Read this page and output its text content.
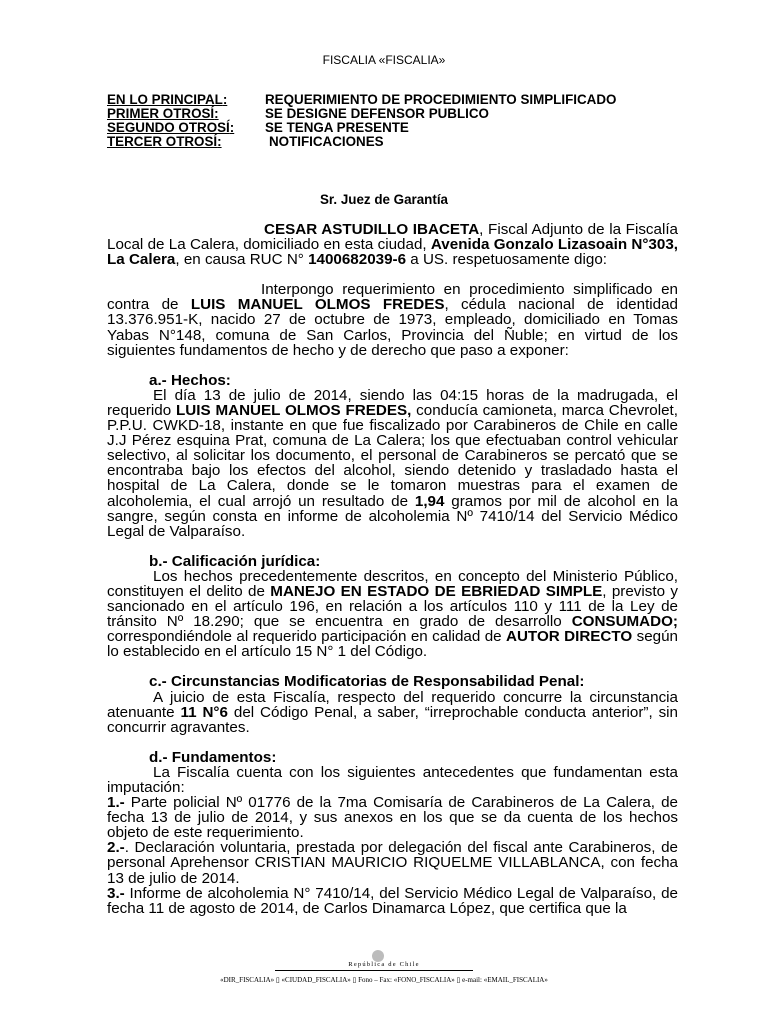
FISCALIA «FISCALIA»
EN LO PRINCIPAL:	REQUERIMIENTO DE PROCEDIMIENTO SIMPLIFICADO
PRIMER OTROSÍ:	SE DESIGNE DEFENSOR PUBLICO
SEGUNDO OTROSÍ:	SE TENGA PRESENTE
TERCER OTROSÍ:	NOTIFICACIONES
Sr. Juez de Garantía

CESAR ASTUDILLO IBACETA, Fiscal Adjunto de la Fiscalía Local de La Calera, domiciliado en esta ciudad, Avenida Gonzalo Lizasoain N°303, La Calera, en causa RUC N° 1400682039-6 a US. respetuosamente digo:

Interpongo requerimiento en procedimiento simplificado en contra de LUIS MANUEL OLMOS FREDES, cédula nacional de identidad 13.376.951-K, nacido 27 de octubre de 1973, empleado, domiciliado en Tomas Yabas N°148, comuna de San Carlos, Provincia del Ñuble; en virtud de los siguientes fundamentos de hecho y de derecho que paso a exponer:

a.- Hechos:

El día 13 de julio de 2014, siendo las 04:15 horas de la madrugada, el requerido LUIS MANUEL OLMOS FREDES, conducía camioneta, marca Chevrolet, P.P.U. CWKD-18, instante en que fue fiscalizado por Carabineros de Chile en calle J.J Pérez esquina Prat, comuna de La Calera; los que efectuaban control vehicular selectivo, al solicitar los documento, el personal de Carabineros se percató que se encontraba bajo los efectos del alcohol, siendo detenido y trasladado hasta el hospital de La Calera, donde se le tomaron muestras para el examen de alcoholemia, el cual arrojó un resultado de 1,94 gramos por mil de alcohol en la sangre, según consta en informe de alcoholemia Nº 7410/14 del Servicio Médico Legal de Valparaíso.

b.- Calificación jurídica:

Los hechos precedentemente descritos, en concepto del Ministerio Público, constituyen el delito de MANEJO EN ESTADO DE EBRIEDAD SIMPLE, previsto y sancionado en el artículo 196, en relación a los artículos 110 y 111 de la Ley de tránsito Nº 18.290; que se encuentra en grado de desarrollo CONSUMADO; correspondiéndole al requerido participación en calidad de AUTOR DIRECTO según lo establecido en el artículo 15 N° 1 del Código.

c.- Circunstancias Modificatorias de Responsabilidad Penal:

A juicio de esta Fiscalía, respecto del requerido concurre la circunstancia atenuante 11 N°6 del Código Penal, a saber, “irreprochable conducta anterior”, sin concurrir agravantes.

d.- Fundamentos:

La Fiscalía cuenta con los siguientes antecedentes que fundamentan esta imputación:

1.- Parte policial Nº 01776 de la 7ma Comisaría de Carabineros de La Calera, de fecha 13 de julio de 2014, y sus anexos en los que se da cuenta de los hechos objeto de este requerimiento.

2.-. Declaración voluntaria, prestada por delegación del fiscal ante Carabineros, de personal Aprehensor CRISTIAN MAURICIO RIQUELME VILLABLANCA, con fecha 13 de julio de 2014.

3.- Informe de alcoholemia N° 7410/14, del Servicio Médico Legal de Valparaíso, de fecha 11 de agosto de 2014, de Carlos Dinamarca López, que certifica que la

República de Chile
«DIR_FISCALIA» ▯ «CIUDAD_FISCALIA» ▯ Fono – Fax: «FONO_FISCALIA» ▯ e-mail: «EMAIL_FISCALIA»
